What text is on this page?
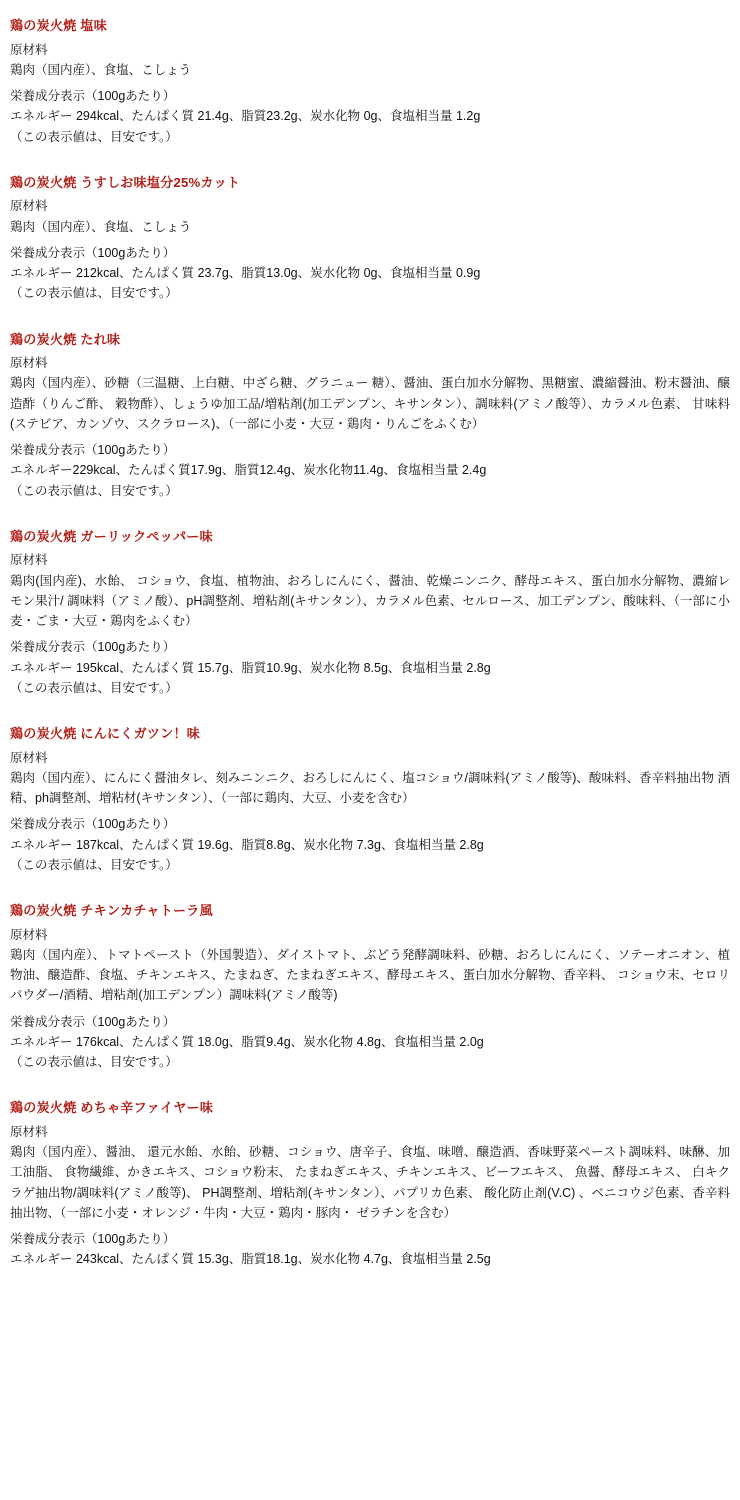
鶏の炭火焼 塩味
原材料
鶏肉（国内産）、食塩、こしょう
栄養成分表示（100gあたり）
エネルギー 294kcal、たんぱく質 21.4g、脂質23.2g、炭水化物 0g、食塩相当量 1.2g
（この表示値は、目安です。）
鶏の炭火焼 うすしお味塩分25%カット
原材料
鶏肉（国内産）、食塩、こしょう
栄養成分表示（100gあたり）
エネルギー 212kcal、たんぱく質 23.7g、脂質13.0g、炭水化物 0g、食塩相当量 0.9g
（この表示値は、目安です。）
鶏の炭火焼 たれ味
原材料
鶏肉（国内産）、砂糖（三温糖、上白糖、中ざら糖、グラニュー 糖）、醤油、蛋白加水分解物、黒糖蜜、濃縮醤油、粉末醤油、醸造酢（りんご酢、 穀物酢）、しょうゆ加工品/増粘剤(加工デンプン、キサンタン）、調味料(アミノ酸等）、カラメル色素、 甘味料(ステビア、カンゾウ、スクラロース)、（一部に小麦・大豆・鶏肉・りんごをふくむ）
栄養成分表示（100gあたり）
エネルギー229kcal、たんぱく質17.9g、脂質12.4g、炭水化物11.4g、食塩相当量 2.4g
（この表示値は、目安です。）
鶏の炭火焼 ガーリックペッパー味
原材料
鶏肉(国内産)、水飴、 コショウ、食塩、植物油、おろしにんにく、醤油、乾燥ニンニク、酵母エキス、蛋白加水分解物、濃縮レモン果汁/ 調味料（アミノ酸）、pH調整剤、増粘剤(キサンタン）、カラメル色素、セルロース、加工デンプン、酸味料、（一部に小麦・ごま・大豆・鶏肉をふくむ）
栄養成分表示（100gあたり）
エネルギー 195kcal、たんぱく質 15.7g、脂質10.9g、炭水化物 8.5g、食塩相当量 2.8g
（この表示値は、目安です。）
鶏の炭火焼 にんにくガツン！味
原材料
鶏肉（国内産）、にんにく醤油タレ、刻みニンニク、おろしにんにく、塩コショウ/調味料(アミノ酸等)、酸味料、香辛料抽出物 酒精、ph調整剤、増粘材(キサンタン）、（一部に鶏肉、大豆、小麦を含む）
栄養成分表示（100gあたり）
エネルギー 187kcal、たんぱく質 19.6g、脂質8.8g、炭水化物 7.3g、食塩相当量 2.8g
（この表示値は、目安です。）
鶏の炭火焼 チキンカチャトーラ風
原材料
鶏肉（国内産）、トマトペースト（外国製造）、ダイストマト、ぶどう発酵調味料、砂糖、おろしにんにく、ソテーオニオン、植物油、醸造酢、食塩、チキンエキス、たまねぎ、たまねぎエキス、酵母エキス、蛋白加水分解物、香辛料、 コショウ末、セロリパウダー/酒精、増粘剤(加工デンプン）調味料(アミノ酸等)
栄養成分表示（100gあたり）
エネルギー 176kcal、たんぱく質 18.0g、脂質9.4g、炭水化物 4.8g、食塩相当量 2.0g
（この表示値は、目安です。）
鶏の炭火焼 めちゃ辛ファイヤー味
原材料
鶏肉（国内産）、醤油、 還元水飴、水飴、砂糖、コショウ、唐辛子、食塩、味噌、醸造酒、香味野菜ペースト調味料、味醂、加 工油脂、 食物繊維、かきエキス、コショウ粉末、 たまねぎエキス、チキンエキス、ビーフエキス、 魚醤、酵母エキス、 白キクラゲ抽出物/調味料(アミノ酸等)、 PH調整剤、増粘剤(キサンタン）、パプリカ色素、 酸化防止剤(V.C) 、ベニコウジ色素、香辛料抽出物、（一部に小麦・オレンジ・牛肉・大豆・鶏肉・豚肉・ ゼラチンを含む）
栄養成分表示（100gあたり）
エネルギー 243kcal、たんぱく質 15.3g、脂質18.1g、炭水化物 4.7g、食塩相当量 2.5g
